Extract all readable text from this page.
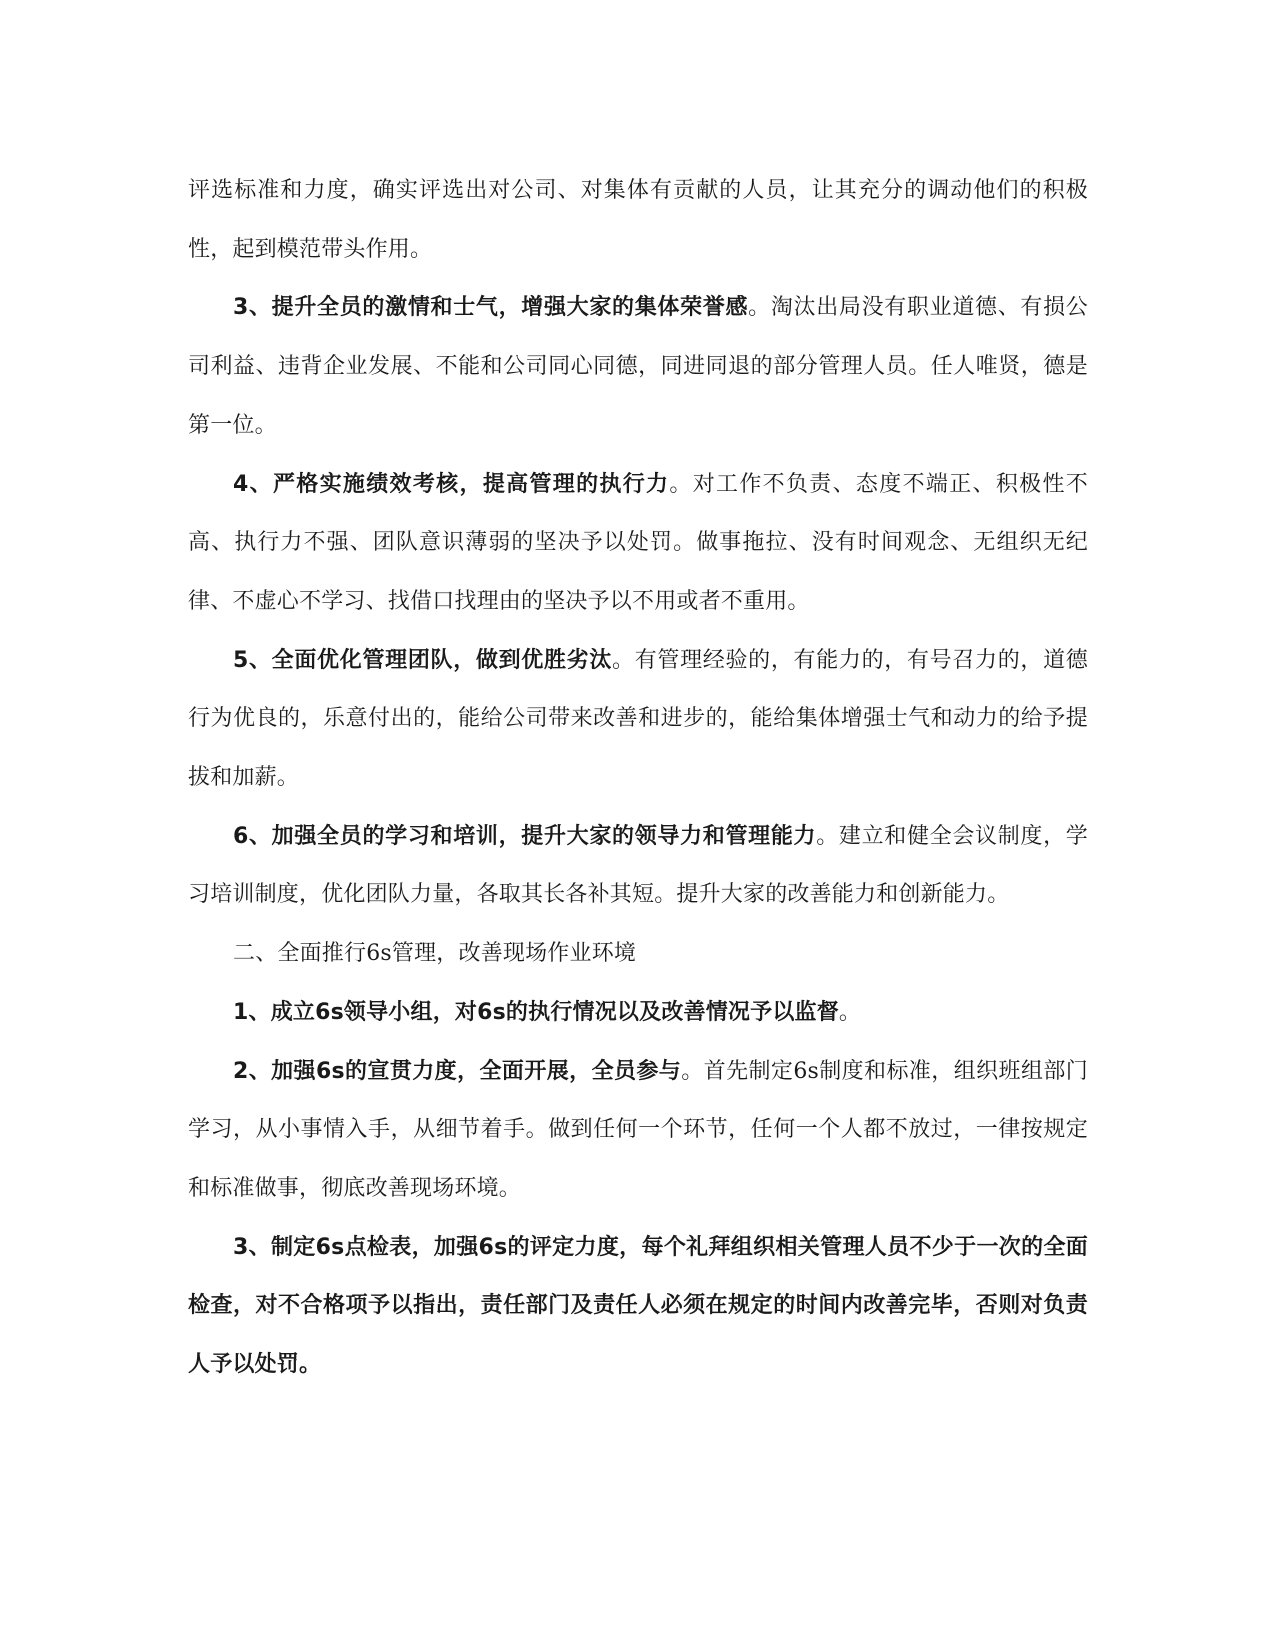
评选标准和力度，确实评选出对公司、对集体有贡献的人员，让其充分的调动他们的积极性，起到模范带头作用。

3、提升全员的激情和士气，增强大家的集体荣誉感。淘汰出局没有职业道德、有损公司利益、违背企业发展、不能和公司同心同德，同进同退的部分管理人员。任人唯贤，德是第一位。

4、严格实施绩效考核，提高管理的执行力。对工作不负责、态度不端正、积极性不高、执行力不强、团队意识薄弱的坚决予以处罚。做事拖拉、没有时间观念、无组织无纪律、不虚心不学习、找借口找理由的坚决予以不用或者不重用。

5、全面优化管理团队，做到优胜劣汰。有管理经验的，有能力的，有号召力的，道德行为优良的，乐意付出的，能给公司带来改善和进步的，能给集体增强士气和动力的给予提拔和加薪。

6、加强全员的学习和培训，提升大家的领导力和管理能力。建立和健全会议制度，学习培训制度，优化团队力量，各取其长各补其短。提升大家的改善能力和创新能力。

二、全面推行6s管理，改善现场作业环境

1、成立6s领导小组，对6s的执行情况以及改善情况予以监督。

2、加强6s的宣贯力度，全面开展，全员参与。首先制定6s制度和标准，组织班组部门学习，从小事情入手，从细节着手。做到任何一个环节，任何一个人都不放过，一律按规定和标准做事，彻底改善现场环境。

3、制定6s点检表，加强6s的评定力度，每个礼拜组织相关管理人员不少于一次的全面检查，对不合格项予以指出，责任部门及责任人必须在规定的时间内改善完毕，否则对负责人予以处罚。
